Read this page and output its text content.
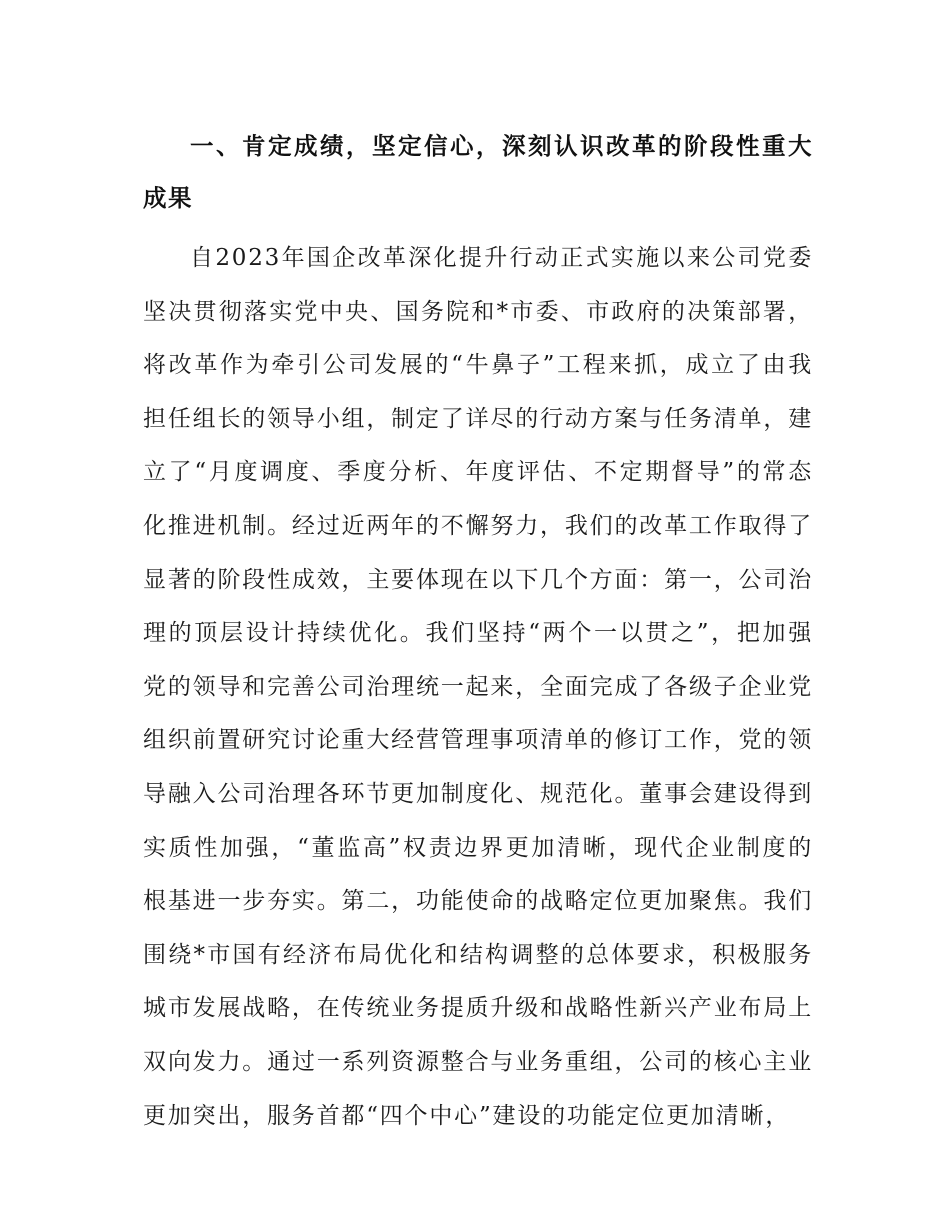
一、肯定成绩，坚定信心，深刻认识改革的阶段性重大成果

自2023年国企改革深化提升行动正式实施以来公司党委坚决贯彻落实党中央、国务院和*市委、市政府的决策部署，将改革作为牵引公司发展的“牛鼻子”工程来抓，成立了由我担任组长的领导小组，制定了详尽的行动方案与任务清单，建立了“月度调度、季度分析、年度评估、不定期督导”的常态化推进机制。经过近两年的不懈努力，我们的改革工作取得了显著的阶段性成效，主要体现在以下几个方面：第一，公司治理的顶层设计持续优化。我们坚持“两个一以贯之”，把加强党的领导和完善公司治理统一起来，全面完成了各级子企业党组织前置研究讨论重大经营管理事项清单的修订工作，党的领导融入公司治理各环节更加制度化、规范化。董事会建设得到实质性加强，“董监高”权责边界更加清晰，现代企业制度的根基进一步夯实。第二，功能使命的战略定位更加聚焦。我们围绕*市国有经济布局优化和结构调整的总体要求，积极服务城市发展战略，在传统业务提质升级和战略性新兴产业布局上双向发力。通过一系列资源整合与业务重组，公司的核心主业更加突出，服务首都“四个中心”建设的功能定位更加清晰，
